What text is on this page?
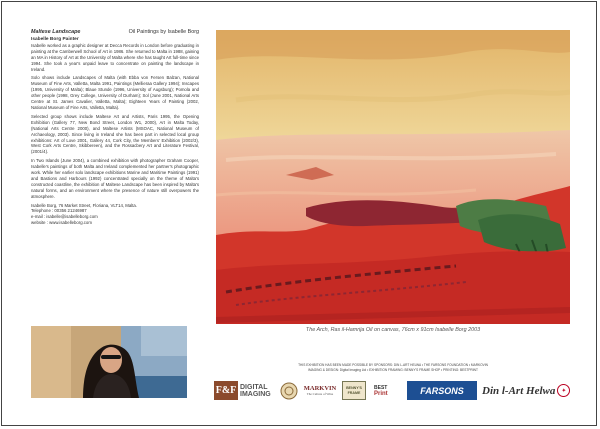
Maltese Landscape	Oil Paintings by Isabelle Borg
Isabelle Borg Painter

Isabelle worked as a graphic designer at Decca Records in London before graduating in painting at the Camberwell School of Art in 1986. She returned to Malta in 1988, gaining an MA in History of Art at the University of Malta where she has taught Art full-time since 1994. She took a year's unpaid leave to concentrate on painting the landscape in Ireland.

Solo shows include Landscapes of Malta (with Ebba von Fersen Balzan, National Museum of Fine Arts, Valletta, Malta 1991, Paintings (Mellieraa Gallery 1994); Inscapes (1995, University of Malta); Blaue Stunde (1996, University of Augsburg); Pomola and other people (1998, Grey College, University of Durham); Sol (June 2001, National Arts Centre at St. James Cavalier, Valletta, Malta); Eighteen Years of Painting (2002, National Museum of Fine Arts, Valletta, Malta).

Selected group shows include Maltese Art and Artists, Paris 1995, the Opening Exhibition (Gallery 77, New Bond Street, London W1, 2000), Art in Malta Today, (National Arts Centre 2000), and Maltese Artists (MSOAC, National Museum of Archaeology, 2003). Since living in Ireland she has been part in selected local group exhibitions: Art of Love 2001, Gallery 44, Cork City, the Members' Exhibition (2002/3), West Cork Arts Centre, Skibbereen), and the Rossacbery Art and Literature Festival, (2001/4).

In Two Islands (June 2004), a combined exhibition with photographer Graham Cooper, Isabelle's paintings of both Malta and Ireland complemented her partner's photographic work. While her earlier solo landscape exhibitions Marine and Maritime Paintings (1991) and Bastions and Harbours (1992) concentrated specially on the theme of Malta's constructed coastline, the exhibition of Maltese Landscape has been inspired by Malta's natural forms, and an environment where the presence of nature still overpowers the atmosphere.

Isabelle Borg, 76 Market Street, Floriana, VLT14, Malta.
Telephone : 00356 21246987
e-mail : isabelle@isabelleborg.com
website : www.isabelleborg.com
The Arch, Ras il-Hamrija Oil on canvas, 76cm x 91cm Isabelle Borg 2003
THIS EXHIBITION HAS BEEN MADE POSSIBLE BY SPONSORS: DIN L-ART HELWA • THE FARSONS FOUNDATION • MARKOVIN
IMAGING & DESIGN: Digital Imaging Ltd • EXHIBITION FRAMING: BENNY'S FRAME SHOP • PRINTING: BESTPRINT
F&F DIGITAL
IMAGING
MARKVIN
The Culture of Wine
BENNY'S
FRAME
BEST
Print	FARSONS	Din l-Art Helwa	✦
